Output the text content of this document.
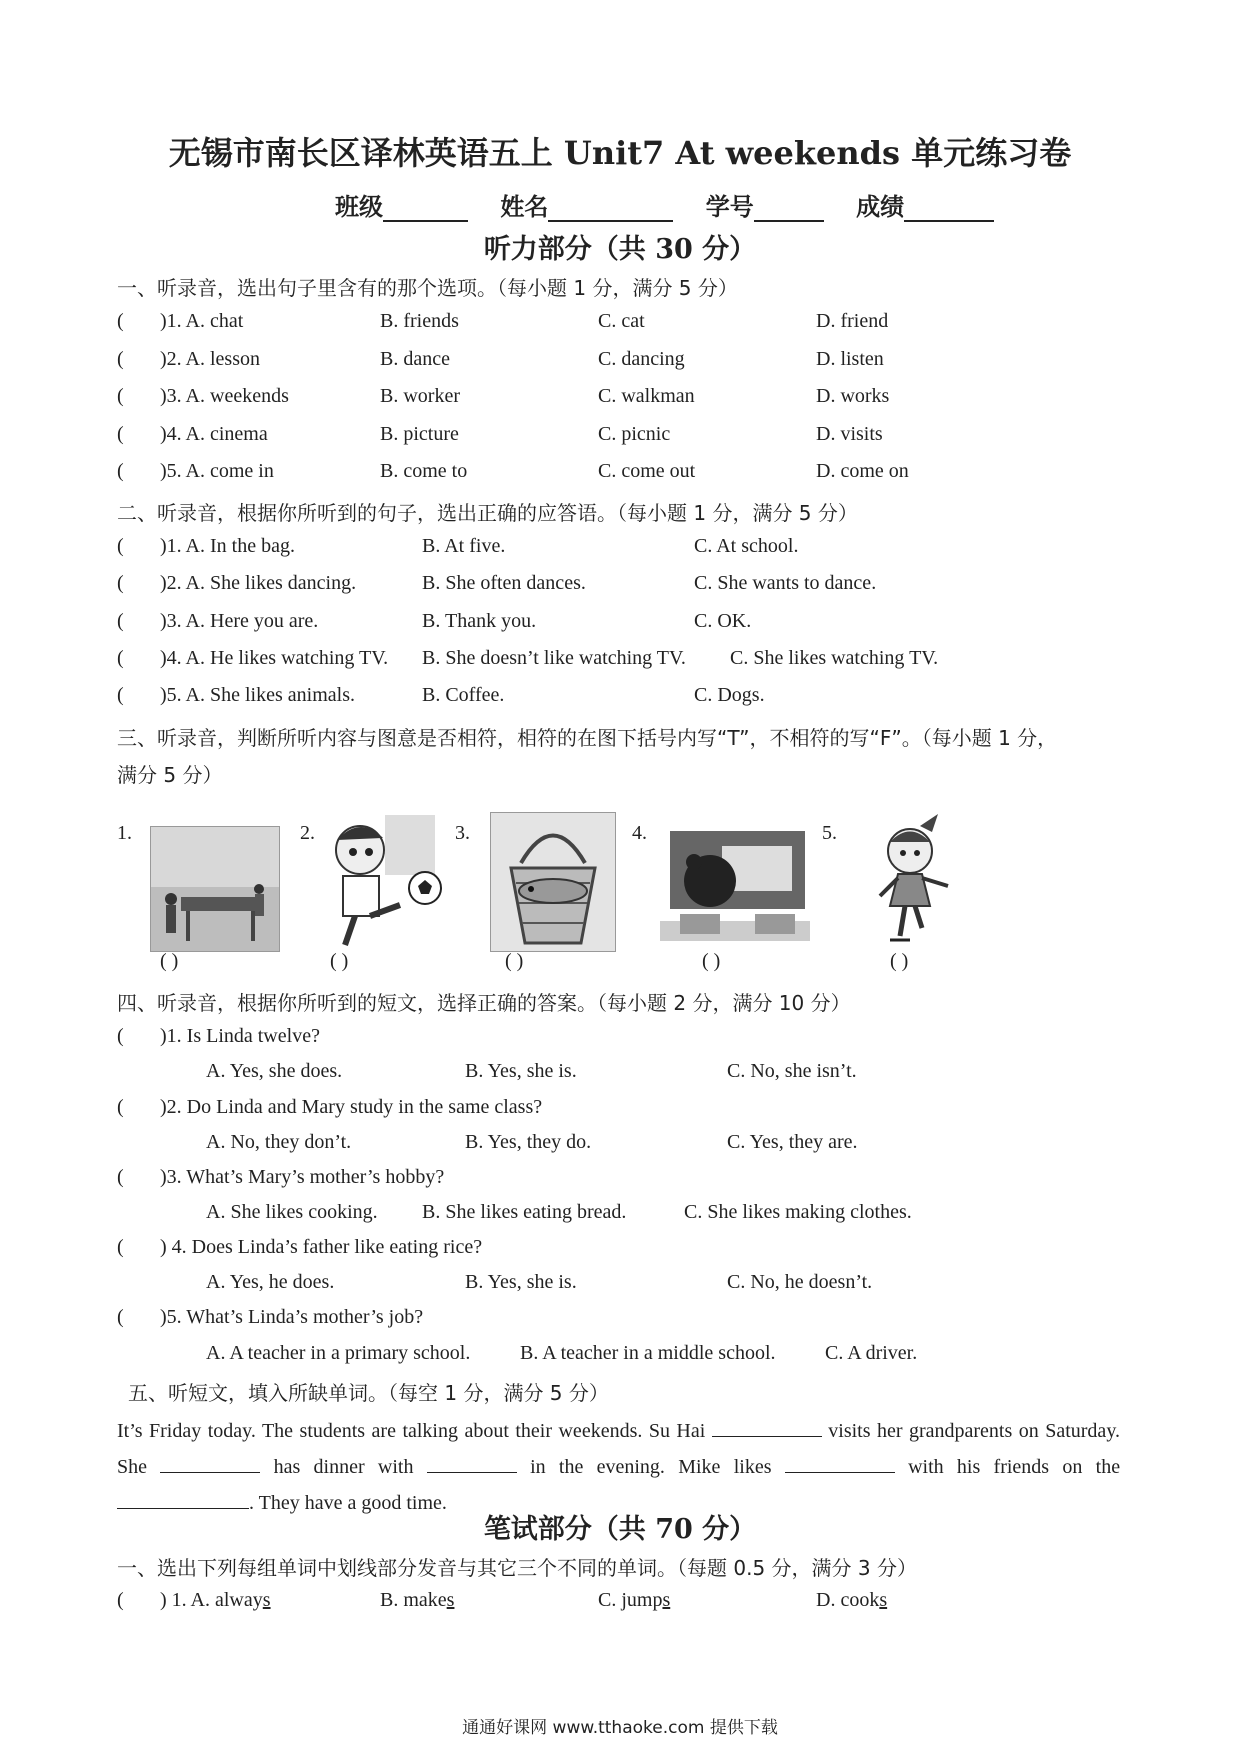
无锡市南长区译林英语五上 Unit7 At weekends 单元练习卷
班级	姓名	学号	成绩
听力部分（共 30 分）
一、听录音，选出句子里含有的那个选项。（每小题 1 分，满分 5 分）
( )1. A. chat	B. friends	C. cat	D. friend
( )2. A. lesson	B. dance	C. dancing	D. listen
( )3. A. weekends	B. worker	C. walkman	D. works
( )4. A. cinema	B. picture	C. picnic	D. visits
( )5. A. come in	B. come to	C. come out	D. come on
二、听录音，根据你所听到的句子，选出正确的应答语。（每小题 1 分，满分 5 分）
( )1. A. In the bag.	B. At five.	C. At school.
( )2. A. She likes dancing.	B. She often dances.	C. She wants to dance.
( )3. A. Here you are.	B. Thank you.	C. OK.
( )4. A. He likes watching TV. B. She doesn’t like watching TV. C. She likes watching TV.
( )5. A. She likes animals.	B. Coffee.	C. Dogs.
三、听录音，判断所听内容与图意是否相符，相符的在图下括号内写“T”，不相符的写“F”。（每小题 1 分，
满分 5 分）
1.	2.	3.	4.	5.
( )	( )	( )	( )	( )
四、听录音，根据你所听到的短文，选择正确的答案。（每小题 2 分，满分 10 分）
( )1. Is Linda twelve?
A. Yes, she does.	B. Yes, she is.	C. No, she isn’t.
( )2. Do Linda and Mary study in the same class?
A. No, they don’t.	B. Yes, they do.	C. Yes, they are.
( )3. What’s Mary’s mother’s hobby?
A. She likes cooking. B. She likes eating bread.	C. She likes making clothes.
( ) 4. Does Linda’s father like eating rice?
A. Yes, he does.	B. Yes, she is.	C. No, he doesn’t.
( )5. What’s Linda’s mother’s job?
A. A teacher in a primary school. B. A teacher in a middle school. C. A driver.
五、听短文，填入所缺单词。（每空 1 分，满分 5 分）
It’s Friday today. The students are talking about their weekends. Su Hai	visits her grandparents on Saturday. She	has dinner with	in the evening. Mike likes	with his friends on the . They have a good time.
笔试部分（共 70 分）
一、选出下列每组单词中划线部分发音与其它三个不同的单词。（每题 0.5 分，满分 3 分）
( ) 1. A. always	B. makes	C. jumps	D. cooks
通通好课网 www.tthaoke.com 提供下载
